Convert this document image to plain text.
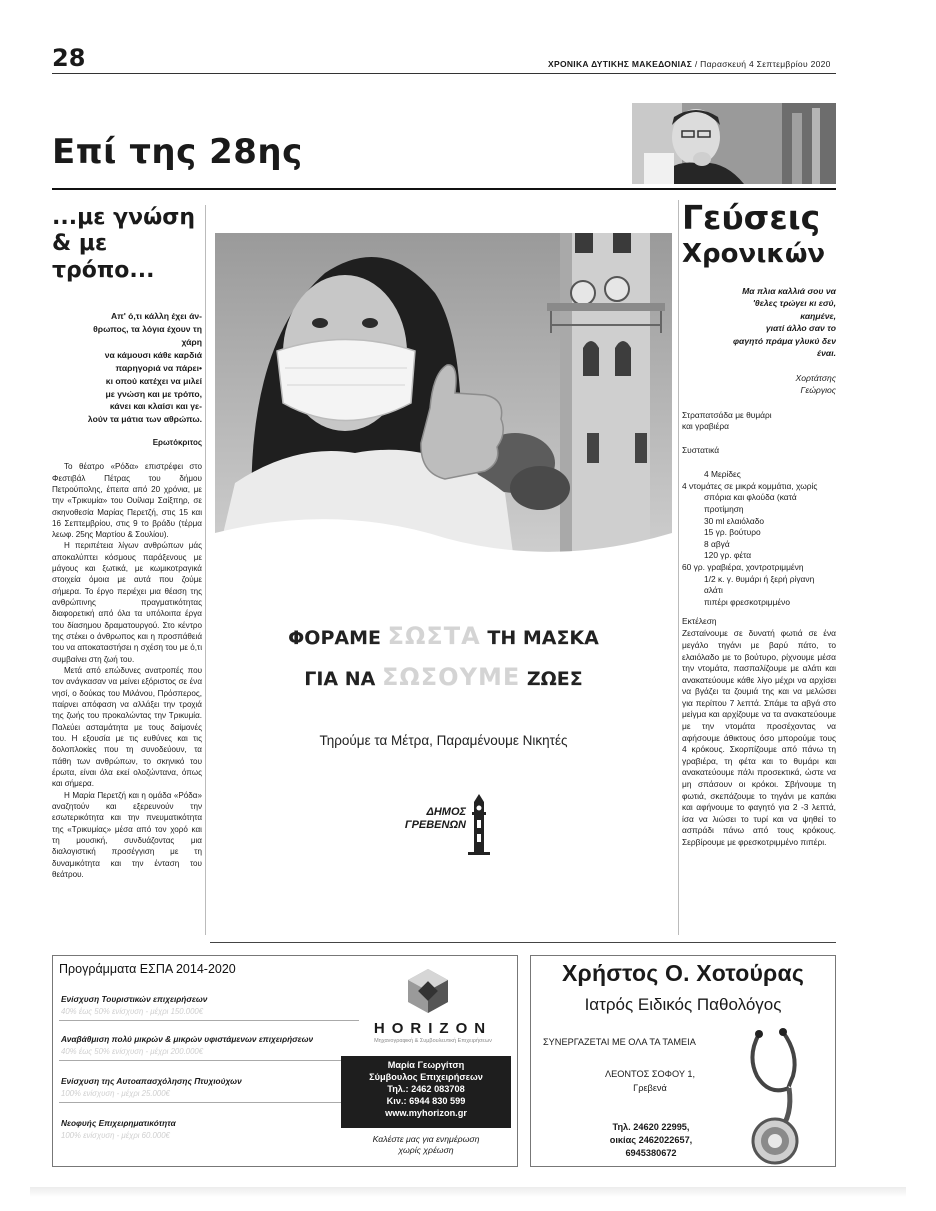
28	ΧΡΟΝΙΚΑ ΔΥΤΙΚΗΣ ΜΑΚΕΔΟΝΙΑΣ / Παρασκευή 4 Σεπτεμβρίου 2020
Επί της 28ης
...με γνώση
& με τρόπο...
Απ' ό,τι κάλλη έχει άν-
θρωπος, τα λόγια έχουν τη
χάρη
να κάμουσι κάθε καρδιά
παρηγοριά να πάρει•
κι οπού κατέχει να μιλεί
με γνώση και με τρόπο,
κάνει και κλαίσι και γε-
λούν τα μάτια των αθρώπω.
Ερωτόκριτος

Το θέατρο «Ρόδα» επιστρέφει στο Φεστιβάλ Πέτρας του δήμου Πετρούπολης, έπειτα από 20 χρόνια, με την «Τρικυμία» του Ουίλιαμ Σαίξπηρ, σε σκηνοθεσία Μαρίας Περετζή, στις 15 και 16 Σεπτεμβρίου, στις 9 το βράδυ (τέρμα λεωφ. 25ης Μαρτίου & Σουλίου).

Η περιπέτεια λίγων ανθρώπων μάς αποκαλύπτει κόσμους παράξενους με μάγους και ξωτικά, με κωμικοτραγικά στοιχεία όμοια με αυτά που ζούμε σήμερα. Το έργο περιέχει μια θέαση της ανθρώπινης πραγματικότητας διαφορετική από όλα τα υπόλοιπα έργα του δίασημου δραματουργού. Στο κέντρο της στέκει ο άνθρωπος και η προσπάθειά του να αποκαταστήσει η σχέση του με ό,τι συμβαίνει στη ζωή του.

Μετά από επώδυνες ανατροπές που τον ανάγκασαν να μείνει εξόριστος σε ένα νησί, ο δούκας του Μιλάνου, Πρόσπερος, παίρνει απόφαση να αλλάξει την τροχιά της ζωής του προκαλώντας την Τρικυμία. Παλεύει ασταμάτητα με τους δαίμονές του. Η εξουσία με τις ευθύνες και τις δολοπλοκίες που τη συνοδεύουν, τα πάθη των ανθρώπων, το σκηνικό του έρωτα, είναι όλα εκεί ολοζώντανα, όπως και σήμερα.

Η Μαρία Περετζή και η ομάδα «Ρόδα» αναζητούν και εξερευνούν την εσωτερικότητα και την πνευματικότητα της «Τρικυμίας» μέσα από τον χορό και τη μουσική, συνδυάζοντας μια διαλογιστική προσέγγιση με τη δυναμικότητα και την ένταση του θεάτρου.

ΦΟΡΑΜΕ ΣΩΣΤΑ ΤΗ ΜΑΣΚΑ
ΓΙΑ ΝΑ ΣΩΣΟΥΜΕ ΖΩΕΣ
Τηρούμε τα Μέτρα, Παραμένουμε Νικητές
ΔΗΜΟΣ
ΓΡΕΒΕΝΩΝ
Γεύσεις
Χρονικών
Μα πλια καλλιά σου να
'θελες τρώγει κι εσύ,
καημένε,
γιατί άλλο σαν το
φαγητό πράμα γλυκύ δεν
έναι.
Χορτάτσης
Γεώργιος
Στραπατσάδα με θυμάρι
και γραβιέρα
Συστατικά
4 Μερίδες
4 ντομάτες σε μικρά κομμάτια, χωρίς σπόρια και φλούδα (κατά προτίμηση
30 ml ελαιόλαδο
15 γρ. βούτυρο
8 αβγά
120 γρ. φέτα
60 γρ. γραβιέρα, χοντροτριμμένη
1/2 κ. γ. θυμάρι ή ξερή ρίγανη
αλάτι
πιπέρι φρεσκοτριμμένο
Εκτέλεση
Ζεσταίνουμε σε δυνατή φωτιά σε ένα μεγάλο τηγάνι με βαρύ πάτο, το ελαιόλαδο με το βούτυρο, ρίχνουμε μέσα την ντομάτα, πασπαλίζουμε με αλάτι και ανακατεύουμε κάθε λίγο μέχρι να αρχίσει να βγάζει τα ζουμιά της και να μελώσει για περίπου 7 λεπτά. Σπάμε τα αβγά στο μείγμα και αρχίζουμε να τα ανακατεύουμε με την ντομάτα προσέχοντας να αφήσουμε άθικτους όσο μπορούμε τους 4 κρόκους. Σκορπίζουμε από πάνω τη γραβιέρα, τη φέτα και το θυμάρι και ανακατεύουμε πάλι προσεκτικά, ώστε να μη σπάσουν οι κρόκοι. Σβήνουμε τη φωτιά, σκεπάζουμε το τηγάνι με καπάκι και αφήνουμε το φαγητό για 2 -3 λεπτά, ίσα να λιώσει το τυρί και να ψηθεί το ασπράδι πάνω από τους κρόκους. Σερβίρουμε με φρεσκοτριμμένο πιπέρι.
Προγράμματα ΕΣΠΑ 2014-2020
Ενίσχυση Τουριστικών επιχειρήσεων
40% έως 50% ενίσχυση - μέχρι 150.000€
Αναβάθμιση πολύ μικρών & μικρών υφιστάμενων επιχειρήσεων
40% έως 50% ενίσχυση - μέχρι 200.000€
Ενίσχυση της Αυτοαπασχόλησης Πτυχιούχων
100% ενίσχυση - μέχρι 25.000€
Νεοφυής Επιχειρηματικότητα
100% ενίσχυση - μέχρι 60.000€
HORIZON
Μηχανογραφική & Συμβουλευτική Επιχειρήσεων
Μαρία Γεωργίτση
Σύμβουλος Επιχειρήσεων
Τηλ.: 2462 083708
Κιν.: 6944 830 599
www.myhorizon.gr
Καλέστε μας για ενημέρωση
χωρίς χρέωση
Χρήστος Ο. Χοτούρας
Ιατρός Ειδικός Παθολόγος
ΣΥΝΕΡΓΑΖΕΤΑΙ ΜΕ ΟΛΑ ΤΑ ΤΑΜΕΙΑ
ΛΕΟΝΤΟΣ ΣΟΦΟΥ 1,
Γρεβενά
Τηλ. 24620 22995,
οικίας 2462022657,
6945380672
